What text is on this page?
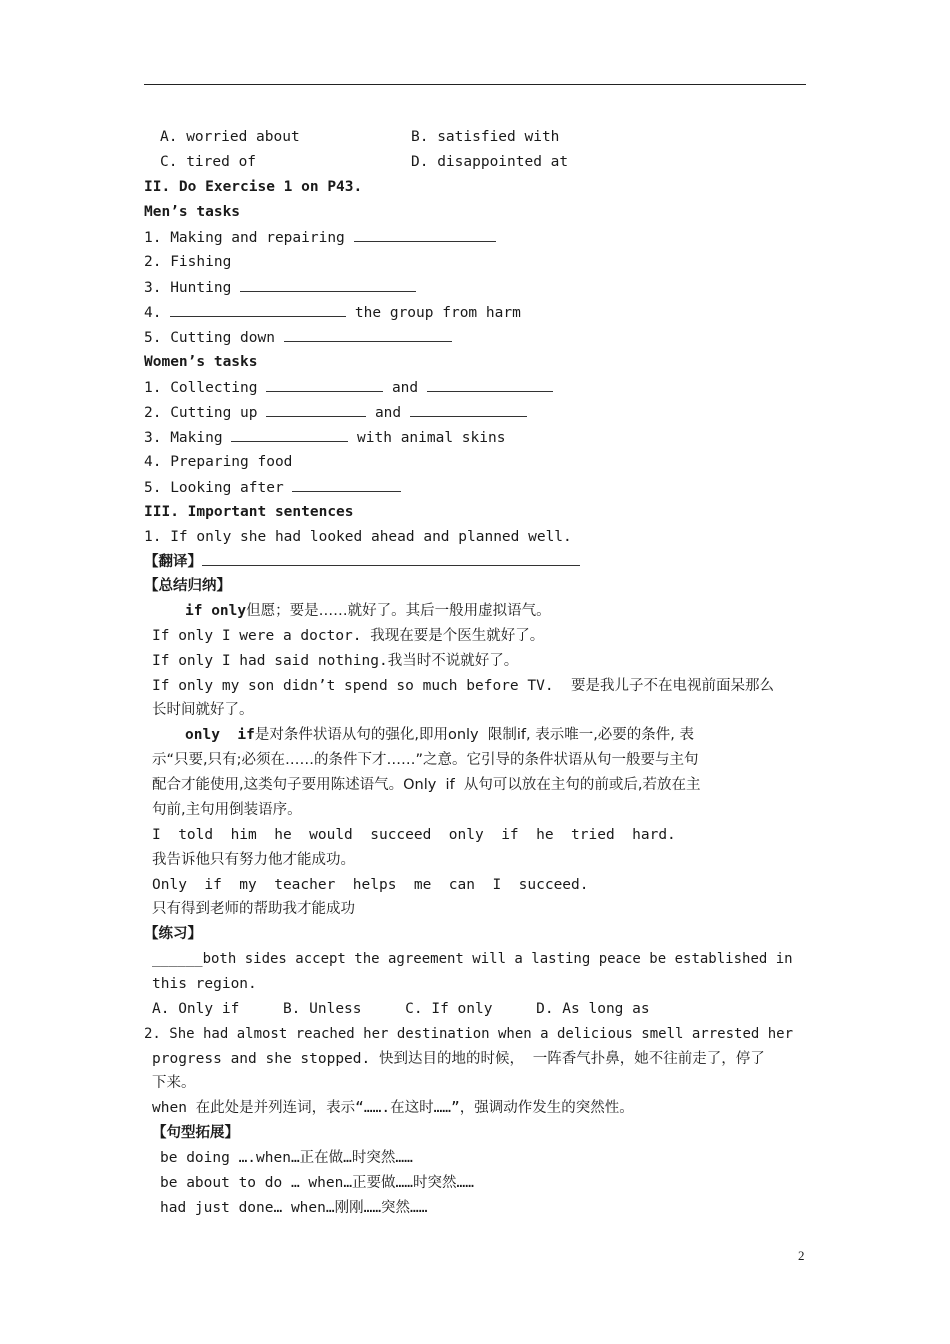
A. worried about	B. satisfied with
C. tired of	D. disappointed at
II. Do Exercise 1 on P43.
Men’s tasks
1. Making and repairing
2. Fishing
3. Hunting
4.	the group from harm
5. Cutting down
Women’s tasks
1. Collecting	and
2. Cutting up	and
3. Making	with animal skins
4. Preparing food
5. Looking after
III. Important sentences
1. If only she had looked ahead and planned well.
【翻译】
【总结归纳】
if only但愿；要是……就好了。其后一般用虚拟语气。
If only I were a doctor. 我现在要是个医生就好了。
If only I had said nothing.我当时不说就好了。
If only my son didn’t spend so much before TV.  要是我儿子不在电视前面呆那么
长时间就好了。
only  if是对条件状语从句的强化,即用only  限制if, 表示唯一,必要的条件, 表
示“只要,只有;必须在……的条件下才……”之意。它引导的条件状语从句一般要与主句
配合才能使用,这类句子要用陈述语气。Only  if  从句可以放在主句的前或后,若放在主
句前,主句用倒装语序。
I  told  him  he  would  succeed  only  if  he  tried  hard.
我告诉他只有努力他才能成功。
Only  if  my  teacher  helps  me  can  I  succeed.
只有得到老师的帮助我才能成功
【练习】
______both sides accept the agreement will a lasting peace be established in
this region.
A. Only if     B. Unless     C. If only     D. As long as
2. She had almost reached her destination when a delicious smell arrested her
progress and she stopped. 快到达目的地的时候， 一阵香气扑鼻，她不往前走了，停了
下来。
when 在此处是并列连词，表示“…….在这时……”，强调动作发生的突然性。
【句型拓展】
be doing ….when…正在做…时突然……
be about to do … when…正要做……时突然……
had just done… when…刚刚……突然……
2
